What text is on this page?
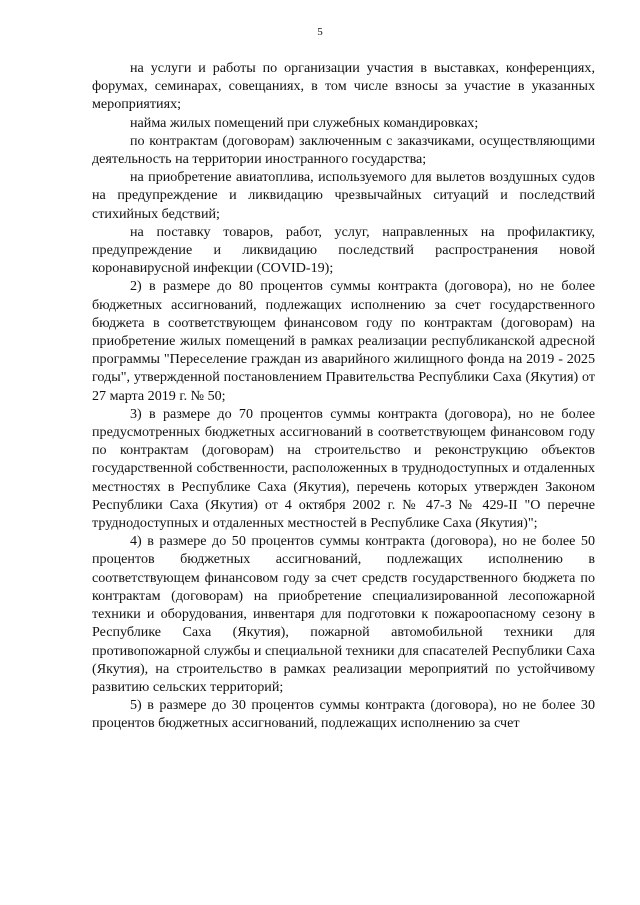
5

на услуги и работы по организации участия в выставках, конференциях, форумах, семинарах, совещаниях, в том числе взносы за участие в указанных мероприятиях;

найма жилых помещений при служебных командировках;

по контрактам (договорам) заключенным с заказчиками, осуществляющими деятельность на территории иностранного государства;

на приобретение авиатоплива, используемого для вылетов воздушных судов на предупреждение и ликвидацию чрезвычайных ситуаций и последствий стихийных бедствий;

на поставку товаров, работ, услуг, направленных на профилактику, предупреждение и ликвидацию последствий распространения новой коронавирусной инфекции (COVID-19);

2) в размере до 80 процентов суммы контракта (договора), но не более бюджетных ассигнований, подлежащих исполнению за счет государственного бюджета в соответствующем финансовом году по контрактам (договорам) на приобретение жилых помещений в рамках реализации республиканской адресной программы "Переселение граждан из аварийного жилищного фонда на 2019 - 2025 годы", утвержденной постановлением Правительства Республики Саха (Якутия) от 27 марта 2019 г. № 50;

3) в размере до 70 процентов суммы контракта (договора), но не более предусмотренных бюджетных ассигнований в соответствующем финансовом году по контрактам (договорам) на строительство и реконструкцию объектов государственной собственности, расположенных в труднодоступных и отдаленных местностях в Республике Саха (Якутия), перечень которых утвержден Законом Республики Саха (Якутия) от 4 октября 2002 г. № 47-З № 429-II "О перечне труднодоступных и отдаленных местностей в Республике Саха (Якутия)";

4) в размере до 50 процентов суммы контракта (договора), но не более 50 процентов бюджетных ассигнований, подлежащих исполнению в соответствующем финансовом году за счет средств государственного бюджета по контрактам (договорам) на приобретение специализированной лесопожарной техники и оборудования, инвентаря для подготовки к пожароопасному сезону в Республике Саха (Якутия), пожарной автомобильной техники для противопожарной службы и специальной техники для спасателей Республики Саха (Якутия), на строительство в рамках реализации мероприятий по устойчивому развитию сельских территорий;

5) в размере до 30 процентов суммы контракта (договора), но не более 30 процентов бюджетных ассигнований, подлежащих исполнению за счет
